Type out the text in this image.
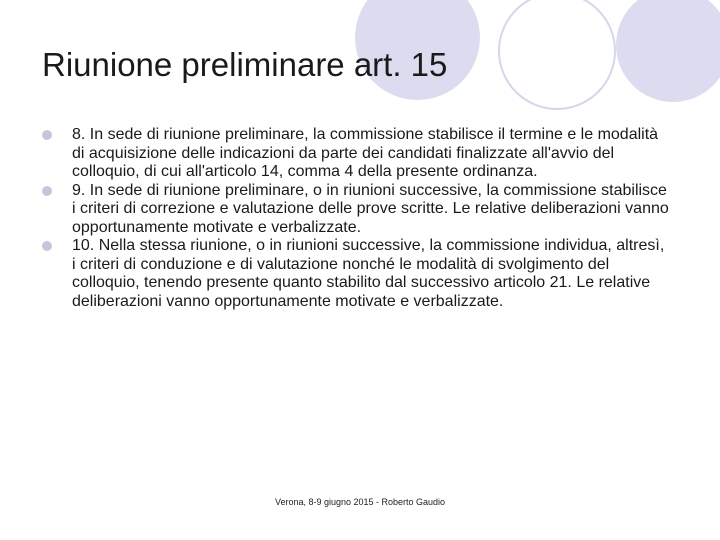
Riunione preliminare art. 15
8. In sede di riunione preliminare, la commissione stabilisce il termine e le modalità di acquisizione delle indicazioni da parte dei candidati finalizzate all'avvio del colloquio, di cui all'articolo 14, comma 4 della presente ordinanza.
9. In sede di riunione preliminare, o in riunioni successive, la commissione stabilisce i criteri di correzione e valutazione delle prove scritte. Le relative deliberazioni vanno opportunamente motivate e verbalizzate.
10. Nella stessa riunione, o in riunioni successive, la commissione individua, altresì, i criteri di conduzione e di valutazione nonché le modalità di svolgimento del colloquio, tenendo presente quanto stabilito dal successivo articolo 21. Le relative deliberazioni vanno opportunamente motivate e verbalizzate.
Verona, 8-9 giugno 2015 - Roberto Gaudio
